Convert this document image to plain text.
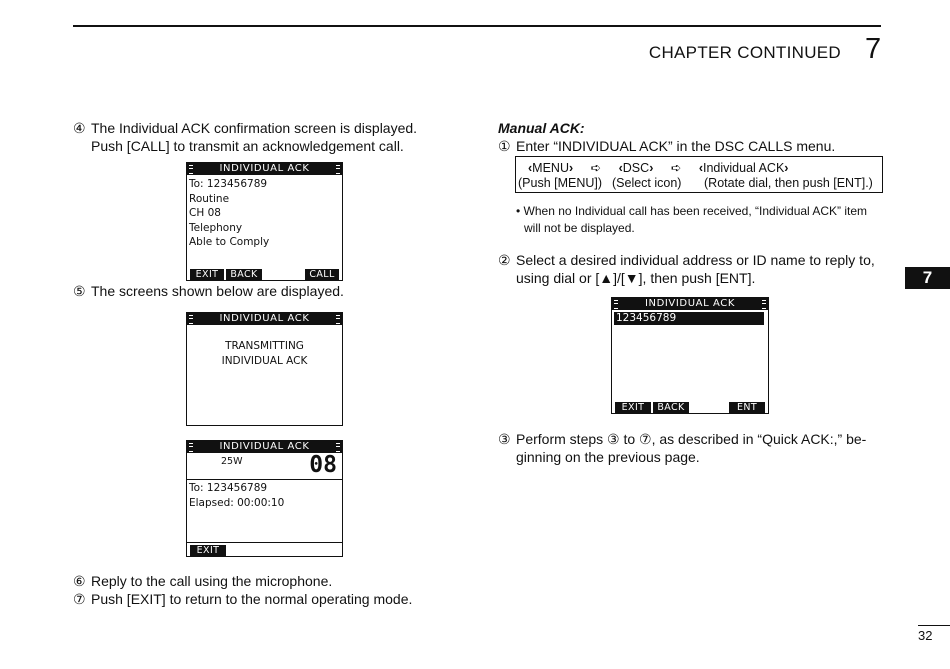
CHAPTER CONTINUED 7
7
④ The Individual ACK confirmation screen is displayed.
Push [CALL] to transmit an acknowledgement call.
INDIVIDUAL ACK
To: 123456789
Routine
CH 08
Telephony
Able to Comply
EXIT	BACK	CALL
⑤ The screens shown below are displayed.
INDIVIDUAL ACK
TRANSMITTING
INDIVIDUAL ACK
INDIVIDUAL ACK
25W	08
To: 123456789
Elapsed: 00:00:10
EXIT
⑥ Reply to the call using the microphone.
⑦ Push [EXIT] to return to the normal operating mode.
Manual ACK:
① Enter “INDIVIDUAL ACK” in the DSC CALLS menu.
‹MENU› ➪ ‹DSC› ➪ ‹Individual ACK›
(Push [MENU]) (Select icon) (Rotate dial, then push [ENT].)
• When no Individual call has been received, “Individual ACK” item
will not be displayed.
② Select a desired individual address or ID name to reply to,
using dial or [▲]/[▼], then push [ENT].
INDIVIDUAL ACK
123456789
EXIT	BACK	ENT
③ Perform steps ③ to ⑦, as described in “Quick ACK:,” be-
ginning on the previous page.
32
